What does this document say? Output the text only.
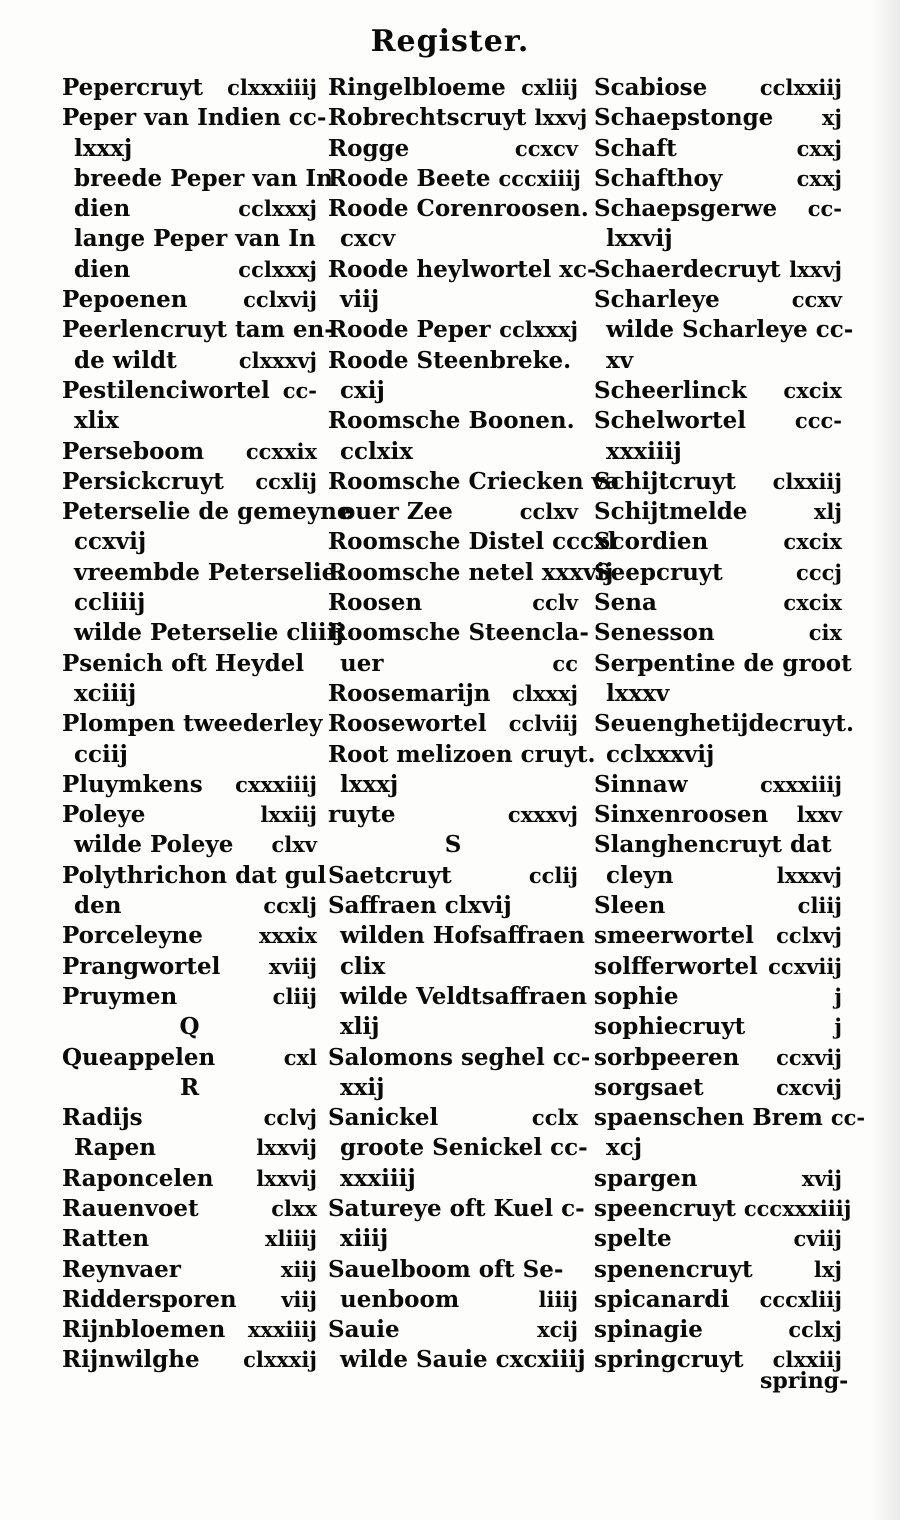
Register.
Pepercruyt clxxxiiij
Peper van Indien cc-
lxxxj
breede Peper van In
dien	cclxxxj
lange Peper van In
dien	cclxxxj
Pepoenen	cclxvij
Peerlencruyt tam en-
de wildt	clxxxvj
Pestilenciwortel cc-
xlix
Perseboom ccxxix
Persickcruyt ccxlij
Peterselie de gemeyne
ccxvij
vreembde Peterselie.
ccliiij
wilde Peterselie cliiij
Psenich oft Heydel
xciiij
Plompen tweederley
cciij
Pluymkens cxxxiiij
Poleye	lxxiij
wilde Poleye clxv
Polythrichon dat gul
den	ccxlj
Porceleyne	xxxix
Prangwortel xviij
Pruymen	cliij
Q
Queappelen	cxl
R
Radijs	cclvj
Rapen	lxxvij
Raponcelen lxxvij
Rauenvoet	clxx
Ratten	xliiij
Reynvaer	xiij
Riddersporen viij
Rijnbloemen xxxiiij
Rijnwilghe clxxxij
Ringelbloeme cxliij
Robrechtscruyt lxxvj
Rogge	ccxcv
Roode Beete cccxiiij
Roode Corenroosen.
cxcv
Roode heylwortel xc-
viij
Roode Peper cclxxxj
Roode Steenbreke.
cxij
Roomsche Boonen.
cclxix
Roomsche Criecken va
ouer Zee	cclxv
Roomsche Distel cccxl
Roomsche netel xxxvij
Roosen	cclv
Roomsche Steencla-
uer	cc
Roosemarijn clxxxj
Roosewortel cclviij
Root melizoen cruyt.
lxxxj
ruyte	cxxxvj
S
Saetcruyt	cclij
Saffraen clxvij
wilden Hofsaffraen
clix
wilde Veldtsaffraen
xlij
Salomons seghel cc-
xxij
Sanickel	cclx
groote Senickel cc-
xxxiiij
Satureye oft Kuel c-
xiiij
Sauelboom oft Se-
uenboom	liiij
Sauie	xcij
wilde Sauie cxcxiiij
Scabiose	cclxxiij
Schaepstonge xj
Schaft	cxxj
Schafthoy	cxxj
Schaepsgerwe cc-
lxxvij
Schaerdecruyt lxxvj
Scharleye	ccxv
wilde Scharleye cc-
xv
Scheerlinck cxcix
Schelwortel ccc-
xxxiiij
Schijtcruyt clxxiij
Schijtmelde	xlj
Scordien	cxcix
Seepcruyt	cccj
Sena	cxcix
Senesson	cix
Serpentine de groot
lxxxv
Seuenghetijdecruyt.
cclxxxvij
Sinnaw	cxxxiiij
Sinxenroosen lxxv
Slanghencruyt dat
cleyn	lxxxvj
Sleen	cliij
smeerwortel cclxvj
solfferwortel ccxviij
sophie	j
sophiecruyt	j
sorbpeeren ccxvij
sorgsaet	cxcvij
spaenschen Brem cc-
xcj
spargen	xvij
speencruyt cccxxxiiij
spelte	cviij
spenencruyt	lxj
spicanardi cccxliij
spinagie	cclxj
springcruyt clxxiij
spring-
